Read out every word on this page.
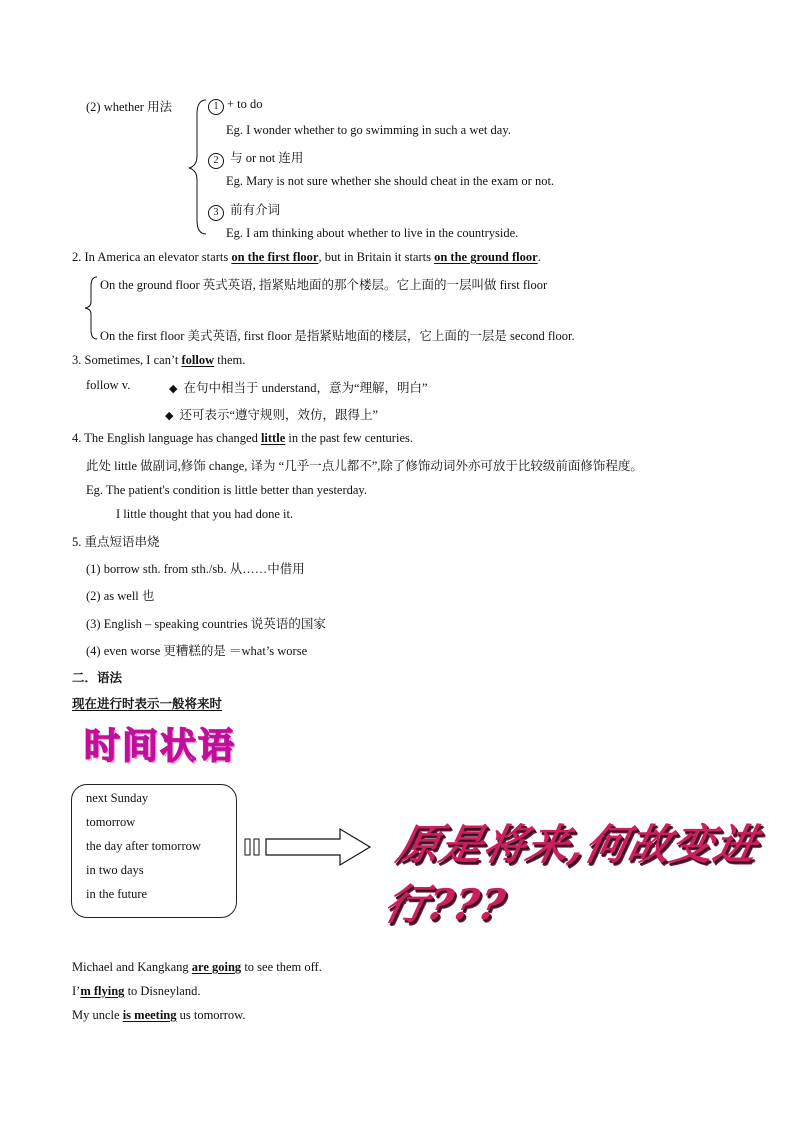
(2) whether 用法	1 + to do
Eg. I wonder whether to go swimming in such a wet day.
2 与 or not 连用
Eg. Mary is not sure whether she should cheat in the exam or not.
3 前有介词
Eg. I am thinking about whether to live in the countryside.
2. In America an elevator starts on the first floor, but in Britain it starts on the ground floor.
On the ground floor 英式英语, 指紧贴地面的那个楼层。它上面的一层叫做 first floor
On the first floor 美式英语, first floor 是指紧贴地面的楼层，它上面的一层是 second floor.
3. Sometimes, I can’t follow them.
follow v.	◆ 在句中相当于 understand，意为“理解，明白”
◆ 还可表示“遵守规则，效仿，跟得上”
4. The English language has changed little in the past few centuries.
此处 little 做副词,修饰 change, 译为 “几乎一点儿都不”,除了修饰动词外亦可放于比较级前面修饰程度。
Eg. The patient's condition is little better than yesterday.
I little thought that you had done it.
5. 重点短语串烧
(1) borrow sth. from sth./sb. 从……中借用
(2) as well 也
(3) English – speaking countries 说英语的国家
(4) even worse 更糟糕的是 ＝what’s worse
二．语法
现在进行时表示一般将来时
时间状语
next Sunday
tomorrow
the day after tomorrow
in two days
in the future
原是将来,何故变进行???
Michael and Kangkang are going to see them off.
I’m flying to Disneyland.
My uncle is meeting us tomorrow.
